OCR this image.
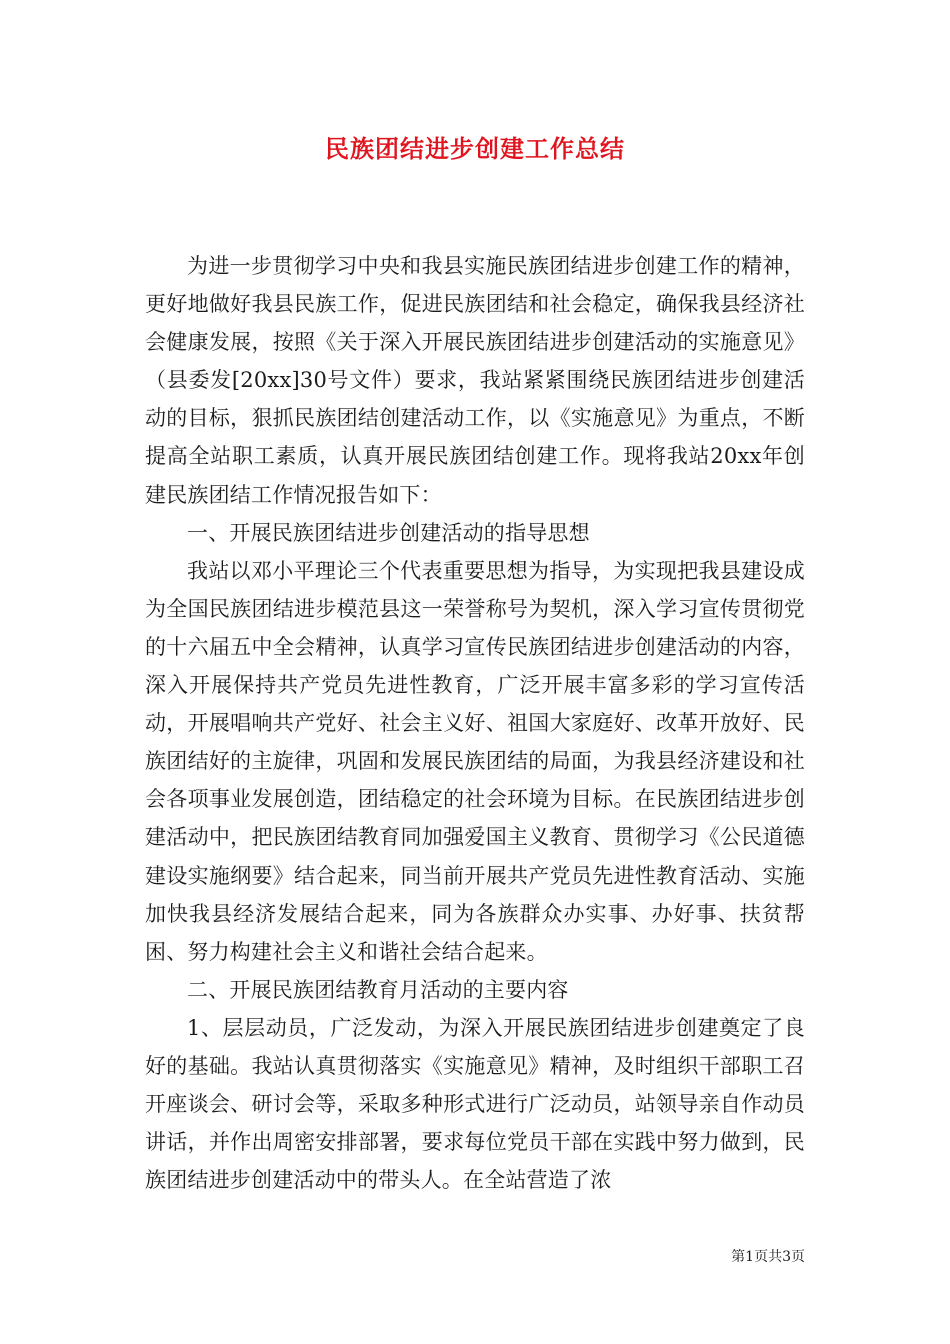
民族团结进步创建工作总结

为进一步贯彻学习中央和我县实施民族团结进步创建工作的精神，更好地做好我县民族工作，促进民族团结和社会稳定，确保我县经济社会健康发展，按照《关于深入开展民族团结进步创建活动的实施意见》（县委发[20xx]30号文件）要求，我站紧紧围绕民族团结进步创建活动的目标，狠抓民族团结创建活动工作，以《实施意见》为重点，不断提高全站职工素质，认真开展民族团结创建工作。现将我站20xx年创建民族团结工作情况报告如下：

一、开展民族团结进步创建活动的指导思想

我站以邓小平理论三个代表重要思想为指导，为实现把我县建设成为全国民族团结进步模范县这一荣誉称号为契机，深入学习宣传贯彻党的十六届五中全会精神，认真学习宣传民族团结进步创建活动的内容，深入开展保持共产党员先进性教育，广泛开展丰富多彩的学习宣传活动，开展唱响共产党好、社会主义好、祖国大家庭好、改革开放好、民族团结好的主旋律，巩固和发展民族团结的局面，为我县经济建设和社会各项事业发展创造，团结稳定的社会环境为目标。在民族团结进步创建活动中，把民族团结教育同加强爱国主义教育、贯彻学习《公民道德建设实施纲要》结合起来，同当前开展共产党员先进性教育活动、实施加快我县经济发展结合起来，同为各族群众办实事、办好事、扶贫帮困、努力构建社会主义和谐社会结合起来。

二、开展民族团结教育月活动的主要内容

1、层层动员，广泛发动，为深入开展民族团结进步创建奠定了良好的基础。我站认真贯彻落实《实施意见》精神，及时组织干部职工召开座谈会、研讨会等，采取多种形式进行广泛动员，站领导亲自作动员讲话，并作出周密安排部署，要求每位党员干部在实践中努力做到，民族团结进步创建活动中的带头人。在全站营造了浓

第1页共3页
